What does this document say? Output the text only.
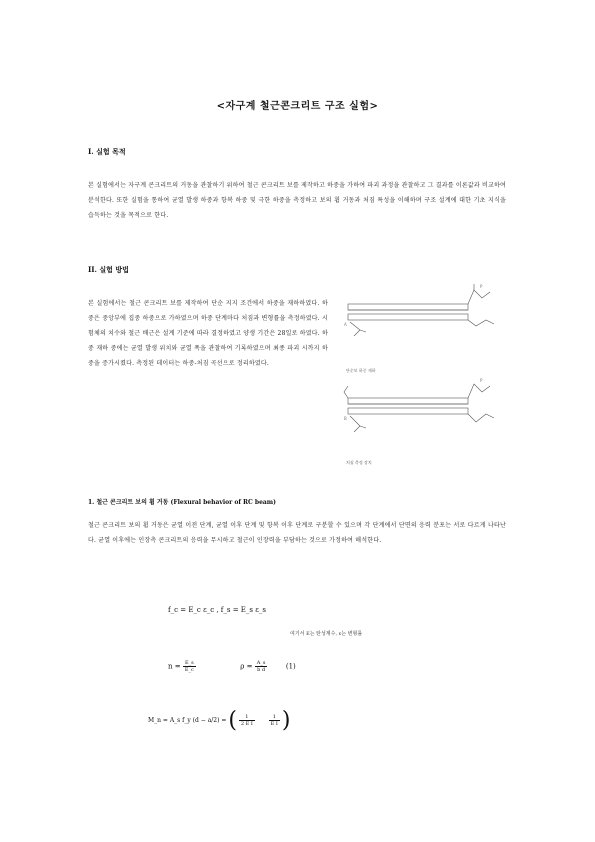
<자구계 철근콘크리트 구조 실험>
I. 실험 목적

본 실험에서는 자구계 콘크리트의 거동을 관찰하기 위하여 철근 콘크리트 보를 제작하고 하중을 가하여 파괴 과정을 관찰하고 그 결과를 이론값과 비교하여 분석한다. 또한 실험을 통하여 균열 발생 하중과 항복 하중 및 극한 하중을 측정하고 보의 휨 거동과 처짐 특성을 이해하며 구조 설계에 대한 기초 지식을 습득하는 것을 목적으로 한다.

II. 실험 방법

본 실험에서는 철근 콘크리트 보를 제작하여 단순 지지 조건에서 하중을 재하하였다. 하중은 중앙부에 집중 하중으로 가하였으며 하중 단계마다 처짐과 변형률을 측정하였다. 시험체의 치수와 철근 배근은 설계 기준에 따라 결정하였고 양생 기간은 28일로 하였다. 하중 재하 중에는 균열 발생 위치와 균열 폭을 관찰하여 기록하였으며 최종 파괴 시까지 하중을 증가시켰다. 측정된 데이터는 하중-처짐 곡선으로 정리하였다.

A
P
B
P
단순보 하중 재하
처짐 측정 장치
1. 철근 콘크리트 보의 휨 거동 (Flexural behavior of RC beam)

철근 콘크리트 보의 휨 거동은 균열 이전 단계, 균열 이후 단계 및 항복 이후 단계로 구분할 수 있으며 각 단계에서 단면의 응력 분포는 서로 다르게 나타난다. 균열 이후에는 인장측 콘크리트의 응력을 무시하고 철근이 인장력을 부담하는 것으로 가정하여 해석한다.

f_c = E_c ε_c , f_s = E_s ε_s
여기서 E는 탄성계수, ε는 변형률
$n = \frac{E\_s}{E\_c}$	$\rho = \frac{A\_s}{\text{b d}}$	(1)
M_n = A_s f_y (d − a/2) = ( $\frac{1}{\text{2 E I}}$
	$\frac{1}{\text{E I}}$ )
